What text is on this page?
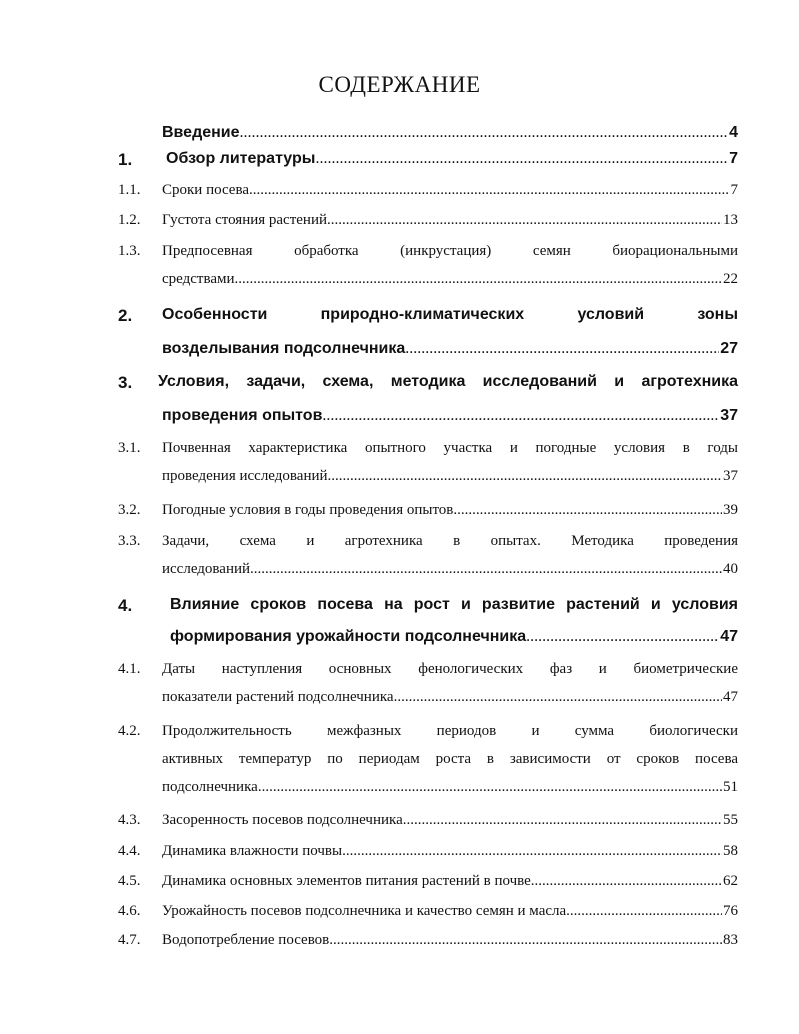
СОДЕРЖАНИЕ
Введение .....	4
1. Обзор литературы .....	7
1.1. Сроки посева .....	7
1.2. Густота стояния растений .....	13
1.3. Предпосевная обработка (инкрустация) семян биорациональными
средствами .....	22
2. Особенности природно-климатических условий зоны
возделывания подсолнечника .....	27
3. Условия, задачи, схема, методика исследований и агротехника
проведения опытов .....	37
3.1. Почвенная характеристика опытного участка и погодные условия в годы
проведения исследований .....	37
3.2. Погодные условия в годы проведения опытов .....	39
3.3. Задачи, схема и агротехника в опытах. Методика проведения
исследований .....	40
4. Влияние сроков посева на рост и развитие растений и условия
формирования урожайности подсолнечника .....	47
4.1. Даты наступления основных фенологических фаз и биометрические
показатели растений подсолнечника .....	47
4.2. Продолжительность межфазных периодов и сумма биологически
активных температур по периодам роста в зависимости от сроков посева
подсолнечника .....	51
4.3. Засоренность посевов подсолнечника .....	55
4.4. Динамика влажности почвы .....	58
4.5. Динамика основных элементов питания растений в почве .....	62
4.6. Урожайность посевов подсолнечника и качество семян и масла .....	76
4.7. Водопотребление посевов .....	83
